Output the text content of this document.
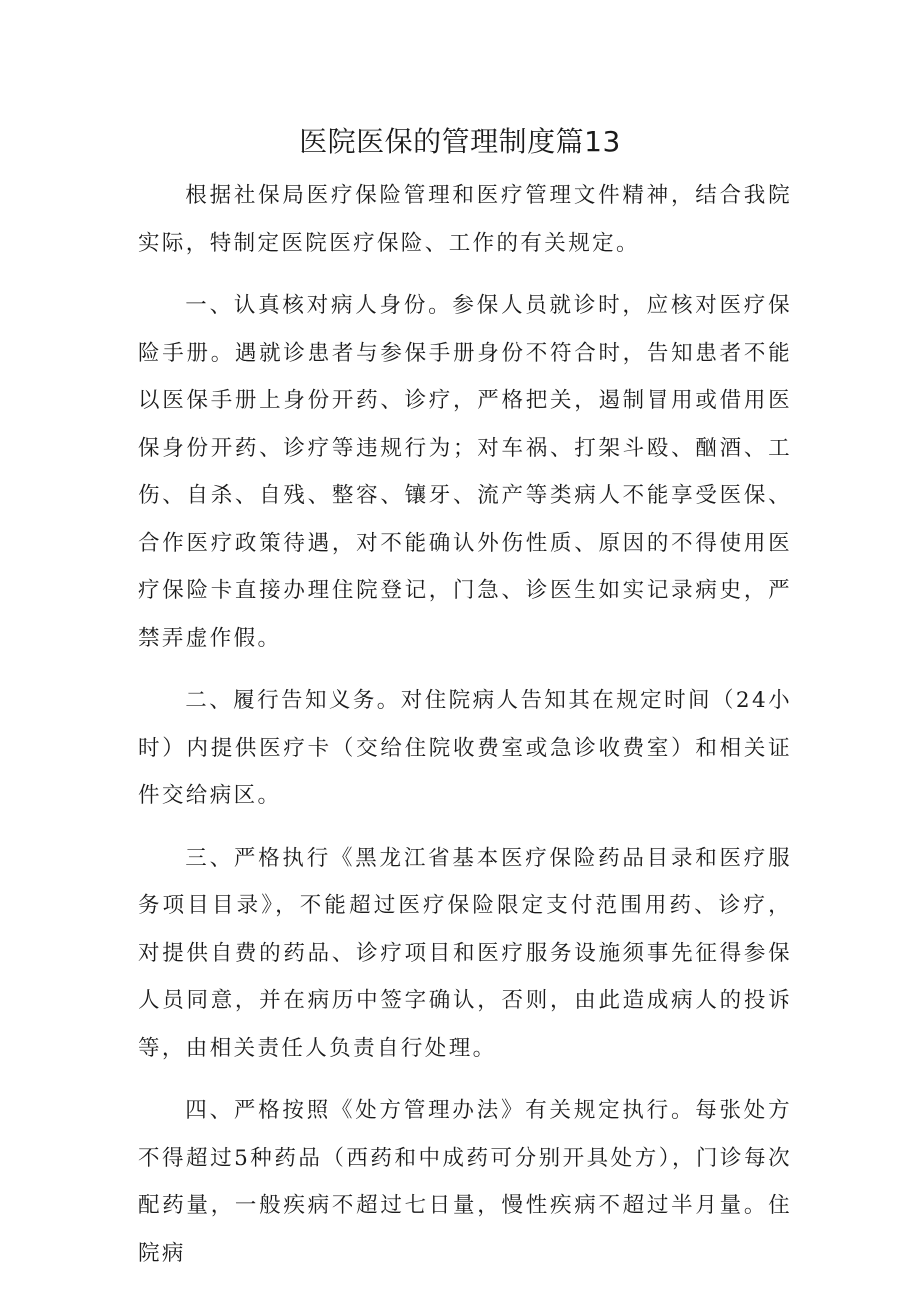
医院医保的管理制度篇13

根据社保局医疗保险管理和医疗管理文件精神，结合我院实际，特制定医院医疗保险、工作的有关规定。

一、认真核对病人身份。参保人员就诊时，应核对医疗保险手册。遇就诊患者与参保手册身份不符合时，告知患者不能以医保手册上身份开药、诊疗，严格把关，遏制冒用或借用医保身份开药、诊疗等违规行为；对车祸、打架斗殴、酗酒、工伤、自杀、自残、整容、镶牙、流产等类病人不能享受医保、合作医疗政策待遇，对不能确认外伤性质、原因的不得使用医疗保险卡直接办理住院登记，门急、诊医生如实记录病史，严禁弄虚作假。

二、履行告知义务。对住院病人告知其在规定时间（24小时）内提供医疗卡（交给住院收费室或急诊收费室）和相关证件交给病区。

三、严格执行《黑龙江省基本医疗保险药品目录和医疗服务项目目录》，不能超过医疗保险限定支付范围用药、诊疗，对提供自费的药品、诊疗项目和医疗服务设施须事先征得参保人员同意，并在病历中签字确认，否则，由此造成病人的投诉等，由相关责任人负责自行处理。

四、严格按照《处方管理办法》有关规定执行。每张处方不得超过5种药品（西药和中成药可分别开具处方），门诊每次配药量，一般疾病不超过七日量，慢性疾病不超过半月量。住院病
